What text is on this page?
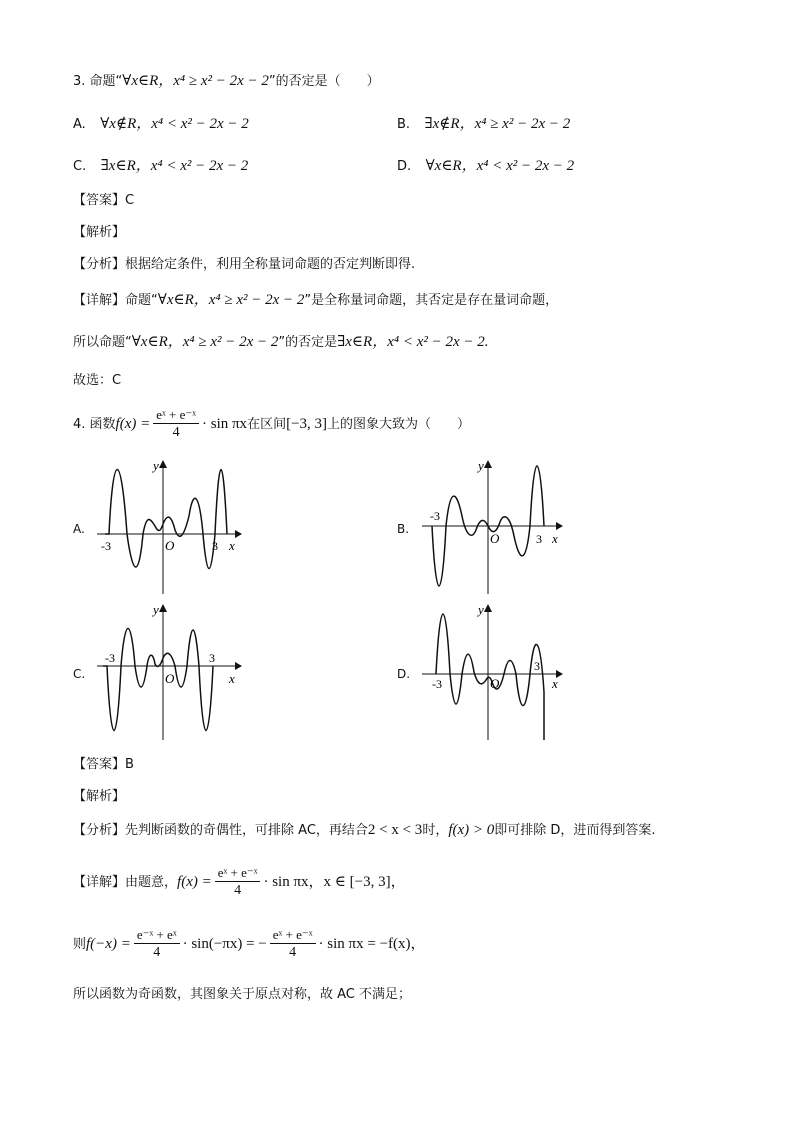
3. 命题“∀x∈R，x⁴ ≥ x² − 2x − 2”的否定是（　　）
A. ∀x∉R，x⁴ < x² − 2x − 2	B. ∃x∉R，x⁴ ≥ x² − 2x − 2
C. ∃x∈R，x⁴ < x² − 2x − 2	D. ∀x∈R，x⁴ < x² − 2x − 2
【答案】C
【解析】
【分析】根据给定条件，利用全称量词命题的否定判断即得.
【详解】命题“∀x∈R，x⁴ ≥ x² − 2x − 2”是全称量词命题，其否定是存在量词命题，
所以命题“∀x∈R，x⁴ ≥ x² − 2x − 2”的否定是∃x∈R，x⁴ < x² − 2x − 2.
故选：C
4. 函数$f(x) = \frac{\text{eˣ + e⁻ˣ}}{4} \cdot \sin \pi x$在区间[−3, 3]上的图象大致为（　　）
A.	B.
C.	D.
y
x
O
-3	3
y
x
O
-3
3
y
x
O
-3	3
y
x
O
-3
3
【答案】B
【解析】
【分析】先判断函数的奇偶性，可排除 AC，再结合2 < x < 3时，f(x) > 0即可排除 D，进而得到答案.
【详解】由题意，$f(x) = \frac{\text{eˣ + e⁻ˣ}}{4} \cdot \sin \pi x$，x ∈ [−3, 3]，
则$f(-x) = \frac{\text{e⁻ˣ + eˣ}}{4} \cdot \sin(-\pi x)$ = − $\frac{\text{eˣ + e⁻ˣ}}{4} \cdot \sin \pi x = -f(x)$，
所以函数为奇函数，其图象关于原点对称，故 AC 不满足；
